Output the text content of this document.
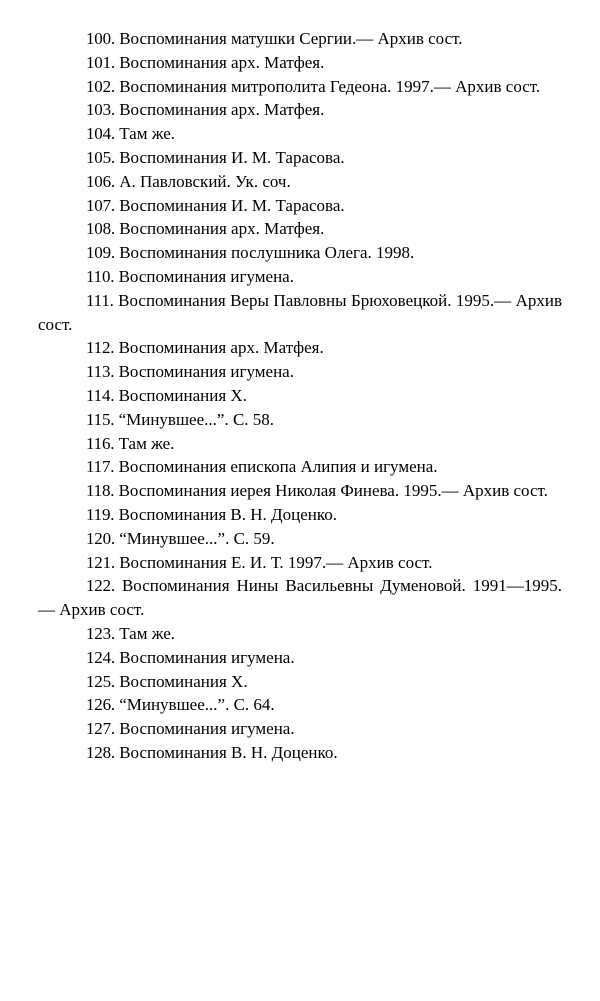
100. Воспоминания матушки Сергии.— Архив сост.
101. Воспоминания арх. Матфея.
102. Воспоминания митрополита Гедеона. 1997.— Архив сост.
103. Воспоминания арх. Матфея.
104. Там же.
105. Воспоминания И. М. Тарасова.
106. А. Павловский. Ук. соч.
107. Воспоминания И. М. Тарасова.
108. Воспоминания арх. Матфея.
109. Воспоминания послушника Олега. 1998.
110. Воспоминания игумена.
111. Воспоминания Веры Павловны Брюховецкой. 1995.— Архив сост.
112. Воспоминания арх. Матфея.
113. Воспоминания игумена.
114. Воспоминания Х.
115. “Минувшее...”. С. 58.
116. Там же.
117. Воспоминания епископа Алипия и игумена.
118. Воспоминания иерея Николая Финева. 1995.— Архив сост.
119. Воспоминания В. Н. Доценко.
120. “Минувшее...”. С. 59.
121. Воспоминания Е. И. Т. 1997.— Архив сост.
122. Воспоминания Нины Васильевны Думеновой. 1991—1995.— Архив сост.
123. Там же.
124. Воспоминания игумена.
125. Воспоминания Х.
126. “Минувшее...”. С. 64.
127. Воспоминания игумена.
128. Воспоминания В. Н. Доценко.
